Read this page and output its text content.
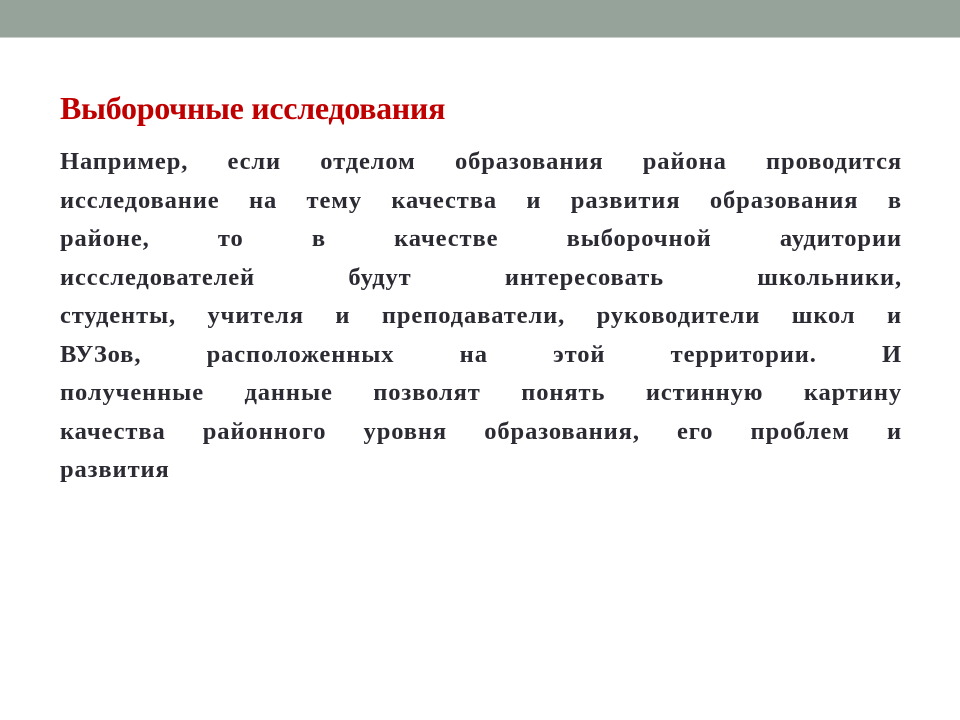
Выборочные исследования
Например, если отделом образования района проводится
исследование на тему качества и развития образования в
районе, то в качестве выборочной аудитории
иссследователей будут интересовать школьники,
студенты, учителя и преподаватели, руководители школ и
ВУЗов, расположенных на этой территории. И
полученные данные позволят понять истинную картину
качества районного уровня образования, его проблем и
развития
